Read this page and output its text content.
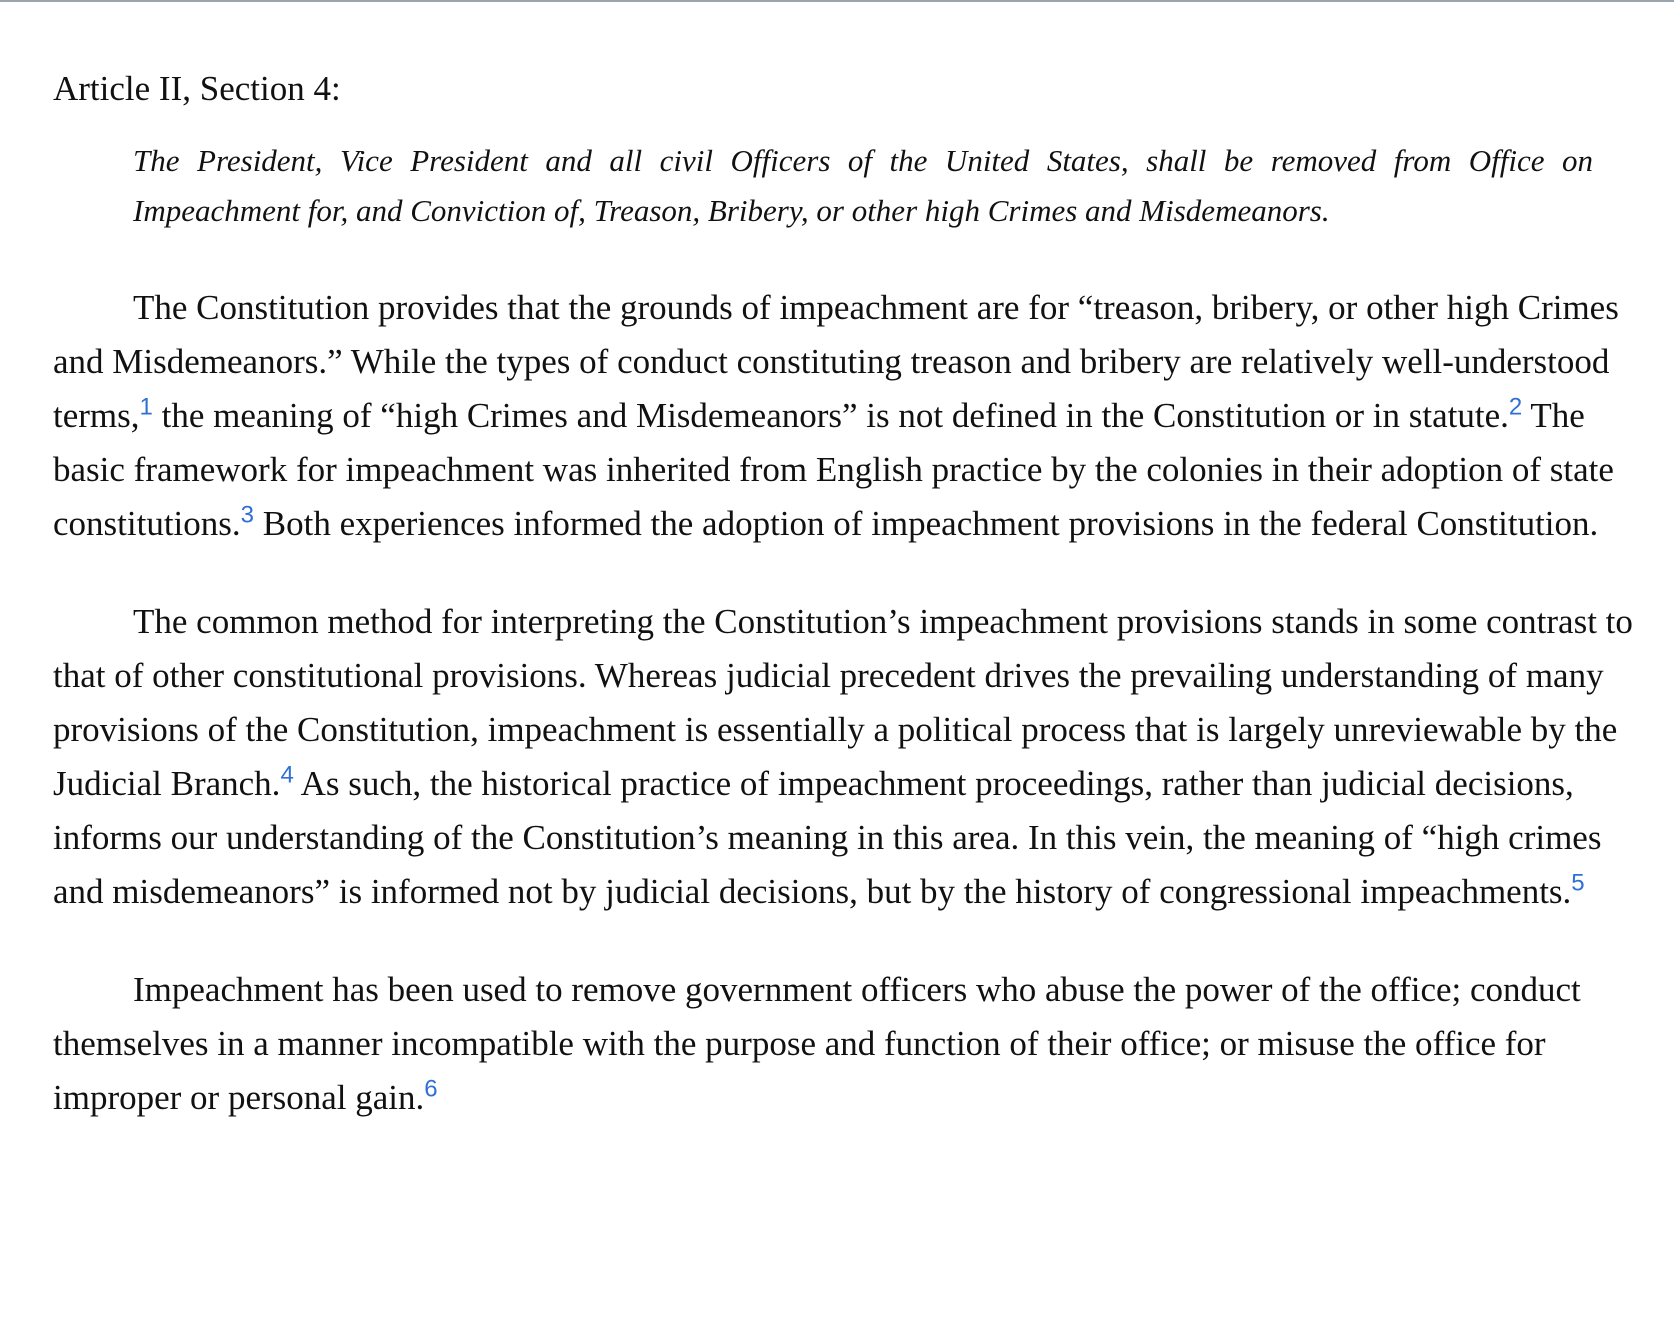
Article II, Section 4:
The President, Vice President and all civil Officers of the United States, shall be removed from Office on Impeachment for, and Conviction of, Treason, Bribery, or other high Crimes and Misdemeanors.

The Constitution provides that the grounds of impeachment are for “treason, bribery, or other high Crimes and Misdemeanors.” While the types of conduct constituting treason and bribery are relatively well-understood terms,$^1$ the meaning of “high Crimes and Misdemeanors” is not defined in the Constitution or in statute.$^2$ The basic framework for impeachment was inherited from English practice by the colonies in their adoption of state constitutions.$^3$ Both experiences informed the adoption of impeachment provisions in the federal Constitution.

The common method for interpreting the Constitution’s impeachment provisions stands in some contrast to that of other constitutional provisions. Whereas judicial precedent drives the prevailing understanding of many provisions of the Constitution, impeachment is essentially a political process that is largely unreviewable by the Judicial Branch.$^4$ As such, the historical practice of impeachment proceedings, rather than judicial decisions, informs our understanding of the Constitution’s meaning in this area. In this vein, the meaning of “high crimes and misdemeanors” is informed not by judicial decisions, but by the history of congressional impeachments.$^5$

Impeachment has been used to remove government officers who abuse the power of the office; conduct themselves in a manner incompatible with the purpose and function of their office; or misuse the office for improper or personal gain.$^6$
